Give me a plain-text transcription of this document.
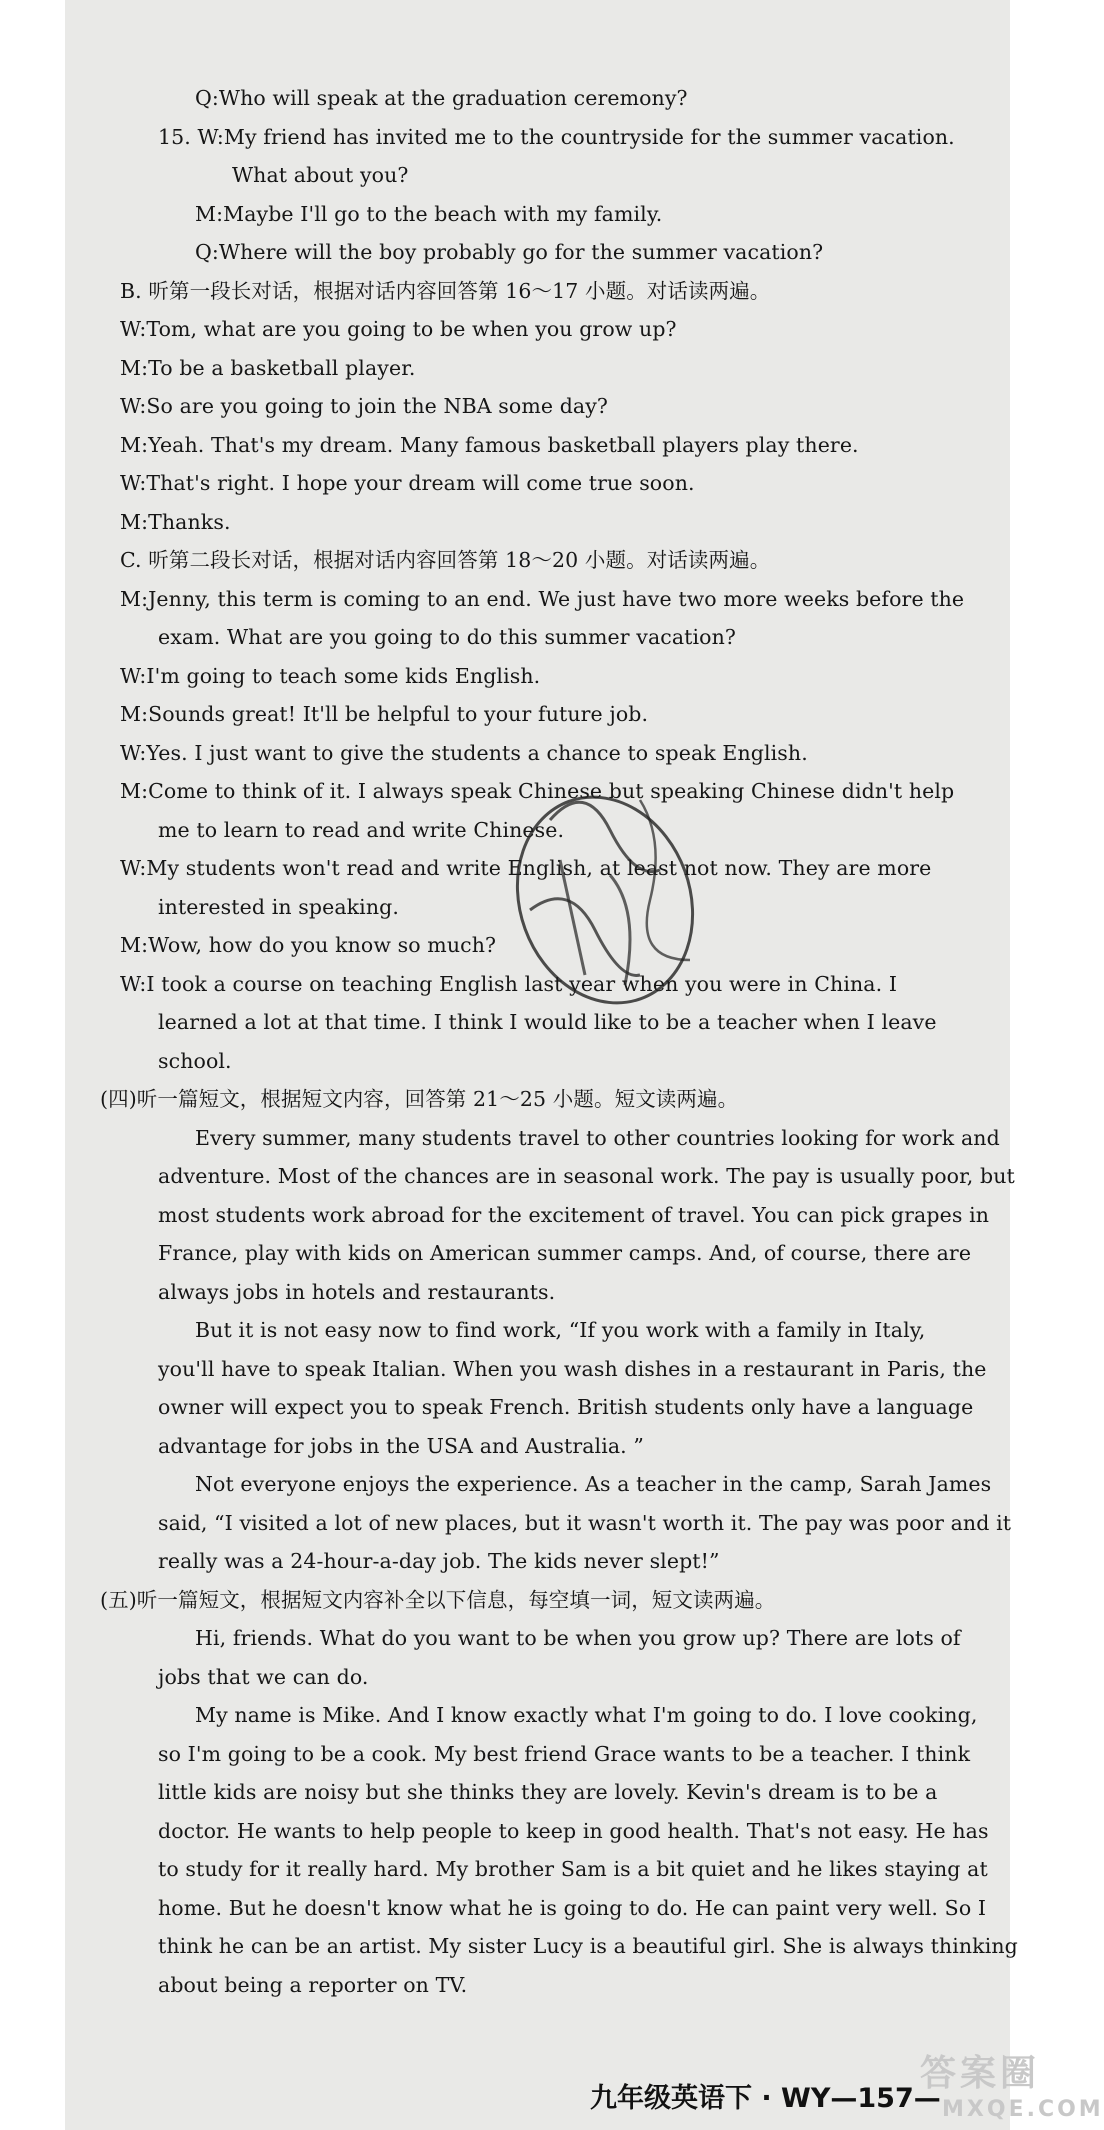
Q:Who will speak at the graduation ceremony?
15. W:My friend has invited me to the countryside for the summer vacation.
What about you?
M:Maybe I'll go to the beach with my family.
Q:Where will the boy probably go for the summer vacation?
B. 听第一段长对话，根据对话内容回答第 16～17 小题。对话读两遍。
W:Tom, what are you going to be when you grow up?
M:To be a basketball player.
W:So are you going to join the NBA some day?
M:Yeah. That's my dream. Many famous basketball players play there.
W:That's right. I hope your dream will come true soon.
M:Thanks.
C. 听第二段长对话，根据对话内容回答第 18～20 小题。对话读两遍。
M:Jenny, this term is coming to an end. We just have two more weeks before the
exam. What are you going to do this summer vacation?
W:I'm going to teach some kids English.
M:Sounds great! It'll be helpful to your future job.
W:Yes. I just want to give the students a chance to speak English.
M:Come to think of it. I always speak Chinese but speaking Chinese didn't help
me to learn to read and write Chinese.
W:My students won't read and write English, at least not now. They are more
interested in speaking.
M:Wow, how do you know so much?
W:I took a course on teaching English last year when you were in China. I
learned a lot at that time. I think I would like to be a teacher when I leave
school.
(四)听一篇短文，根据短文内容，回答第 21～25 小题。短文读两遍。
Every summer, many students travel to other countries looking for work and
adventure. Most of the chances are in seasonal work. The pay is usually poor, but
most students work abroad for the excitement of travel. You can pick grapes in
France, play with kids on American summer camps. And, of course, there are
always jobs in hotels and restaurants.
But it is not easy now to find work, “If you work with a family in Italy,
you'll have to speak Italian. When you wash dishes in a restaurant in Paris, the
owner will expect you to speak French. British students only have a language
advantage for jobs in the USA and Australia. ”
Not everyone enjoys the experience. As a teacher in the camp, Sarah James
said, “I visited a lot of new places, but it wasn't worth it. The pay was poor and it
really was a 24-hour-a-day job. The kids never slept!”
(五)听一篇短文，根据短文内容补全以下信息，每空填一词，短文读两遍。
Hi, friends. What do you want to be when you grow up? There are lots of
jobs that we can do.
My name is Mike. And I know exactly what I'm going to do. I love cooking,
so I'm going to be a cook. My best friend Grace wants to be a teacher. I think
little kids are noisy but she thinks they are lovely. Kevin's dream is to be a
doctor. He wants to help people to keep in good health. That's not easy. He has
to study for it really hard. My brother Sam is a bit quiet and he likes staying at
home. But he doesn't know what he is going to do. He can paint very well. So I
think he can be an artist. My sister Lucy is a beautiful girl. She is always thinking
about being a reporter on TV.
九年级英语下 · WY—157—
答案圈
MXQE.COM
